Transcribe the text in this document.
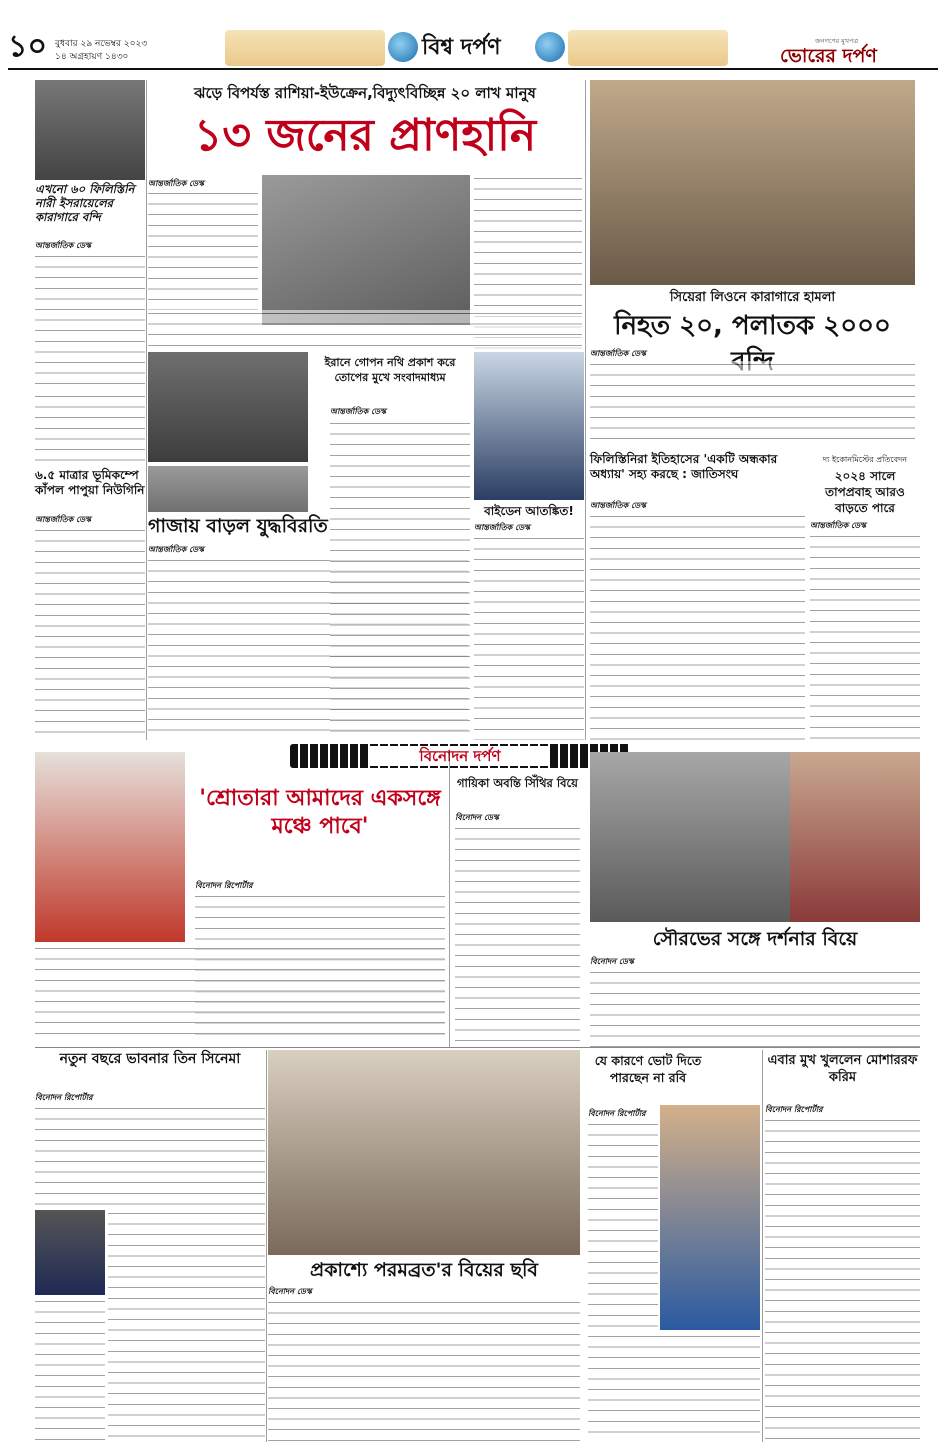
১০ বুধবার ২৯ নভেম্বর ২০২৩
১৪ অগ্রহায়ণ ১৪৩০	বিশ্ব দর্পণ	জনগণের মুখপত্র
ভোরের দর্পণ
ঝড়ে বিপর্যস্ত রাশিয়া-ইউক্রেন,বিদ্যুৎবিচ্ছিন্ন ২০ লাখ মানুষ
১৩ জনের প্রাণহানি
আন্তর্জাতিক ডেস্ক
এখনো ৬০ ফিলিস্তিনি নারী ইসরায়েলের কারাগারে বন্দি
আন্তর্জাতিক ডেস্ক
৬.৫ মাত্রার ভূমিকম্পে কাঁপল পাপুয়া নিউগিনি
আন্তর্জাতিক ডেস্ক	গাজায় বাড়ল যুদ্ধবিরতি
আন্তর্জাতিক ডেস্ক
ইরানে গোপন নথি প্রকাশ করে তোপের মুখে সংবাদমাধ্যম
আন্তর্জাতিক ডেস্ক
বাইডেন আতঙ্কিত!
আন্তর্জাতিক ডেস্ক
সিয়েরা লিওনে কারাগারে হামলা
নিহত ২০, পলাতক ২০০০
আন্তর্জাতিক ডেস্ক
ফিলিস্তিনিরা ইতিহাসের 'একটি অন্ধকার অধ্যায়' সহ্য করছে : জাতিসংঘ
আন্তর্জাতিক ডেস্ক
দ্য ইকোনমিস্টের প্রতিবেদন
২০২৪ সালে তাপপ্রবাহ আরও বাড়তে পারে
আন্তর্জাতিক ডেস্ক
বিনোদন দর্পণ
'শ্রোতারা আমাদের একসঙ্গে মঞ্চে পাবে'
বিনোদন রিপোর্টার
গায়িকা অবন্তি সিঁথির বিয়ে
বিনোদন ডেস্ক
সৌরভের সঙ্গে দর্শনার বিয়ে
বিনোদন ডেস্ক
নতুন বছরে ভাবনার তিন সিনেমা
বিনোদন রিপোর্টার
প্রকাশ্যে পরমব্রত'র বিয়ের ছবি
বিনোদন ডেস্ক
যে কারণে ভোট দিতে পারছেন না রবি
বিনোদন রিপোর্টার
এবার মুখ খুললেন মোশাররফ করিম
বিনোদন রিপোর্টার
